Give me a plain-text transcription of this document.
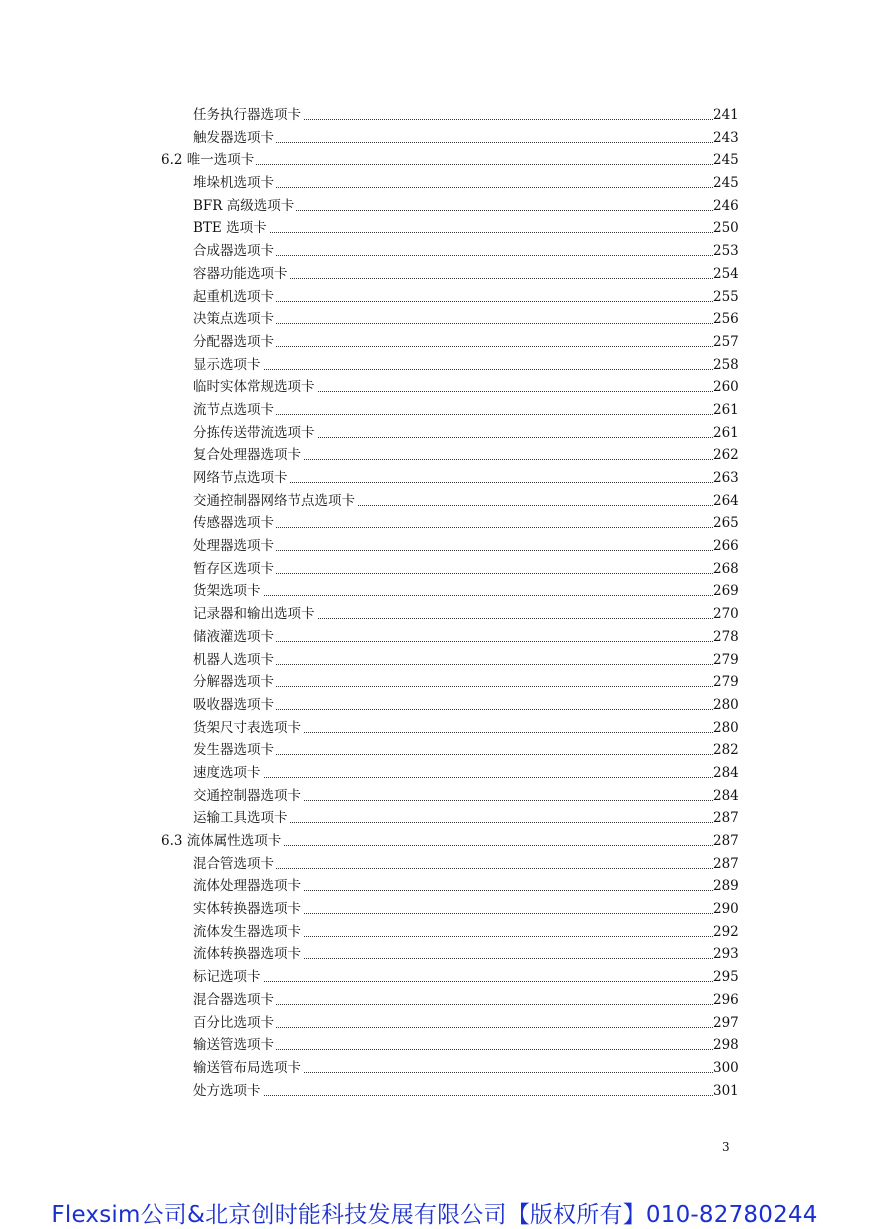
任务执行器选项卡	241
触发器选项卡	243
6.2 唯一选项卡	245
堆垛机选项卡	245
BFR 高级选项卡	246
BTE 选项卡	250
合成器选项卡	253
容器功能选项卡	254
起重机选项卡	255
决策点选项卡	256
分配器选项卡	257
显示选项卡	258
临时实体常规选项卡	260
流节点选项卡	261
分拣传送带流选项卡	261
复合处理器选项卡	262
网络节点选项卡	263
交通控制器网络节点选项卡	264
传感器选项卡	265
处理器选项卡	266
暂存区选项卡	268
货架选项卡	269
记录器和输出选项卡	270
储液灌选项卡	278
机器人选项卡	279
分解器选项卡	279
吸收器选项卡	280
货架尺寸表选项卡	280
发生器选项卡	282
速度选项卡	284
交通控制器选项卡	284
运输工具选项卡	287
6.3 流体属性选项卡	287
混合管选项卡	287
流体处理器选项卡	289
实体转换器选项卡	290
流体发生器选项卡	292
流体转换器选项卡	293
标记选项卡	295
混合器选项卡	296
百分比选项卡	297
输送管选项卡	298
输送管布局选项卡	300
处方选项卡	301
3
Flexsim公司&北京创时能科技发展有限公司【版权所有】010-82780244
